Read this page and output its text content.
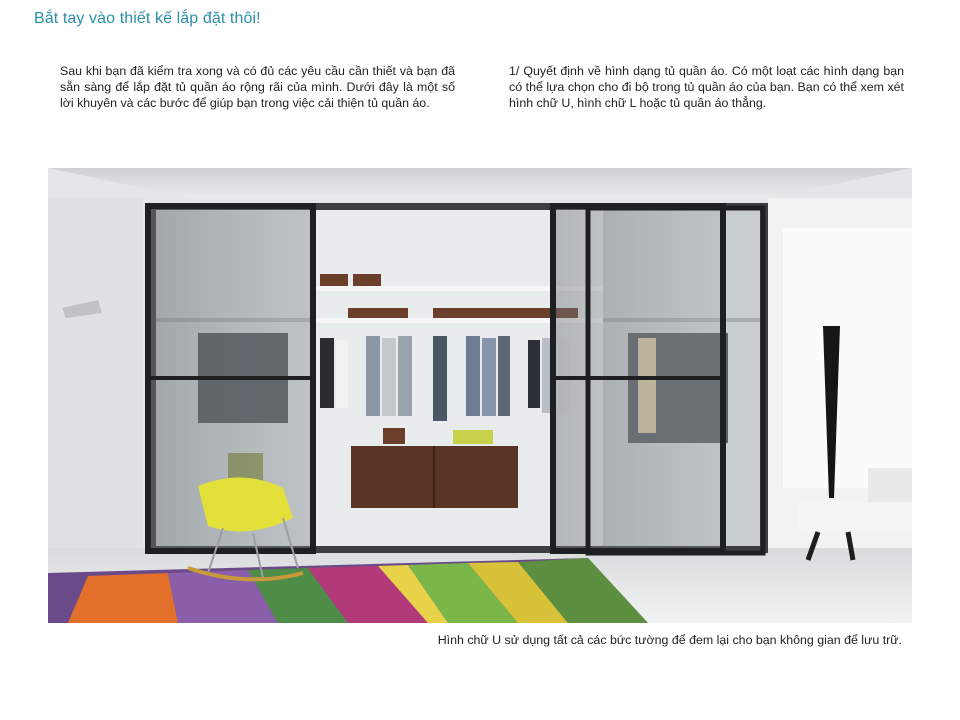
Bắt tay vào thiết kế lắp đặt thôi!

Sau khi bạn đã kiểm tra xong và có đủ các yêu cầu cần thiết và bạn đã sẵn sàng để lắp đặt tủ quần áo rộng rãi của mình. Dưới đây là một số lời khuyên và các bước để giúp bạn trong việc cải thiện tủ quần áo.

1/ Quyết định về hình dạng tủ quần áo. Có một loạt các hình dạng bạn có thể lựa chọn cho đi bộ trong tủ quần áo của bạn. Bạn có thể xem xét hình chữ U, hình chữ L hoặc tủ quần áo thẳng.

Hình chữ U sử dụng tất cả các bức tường để đem lại cho bạn không gian để lưu trữ.
